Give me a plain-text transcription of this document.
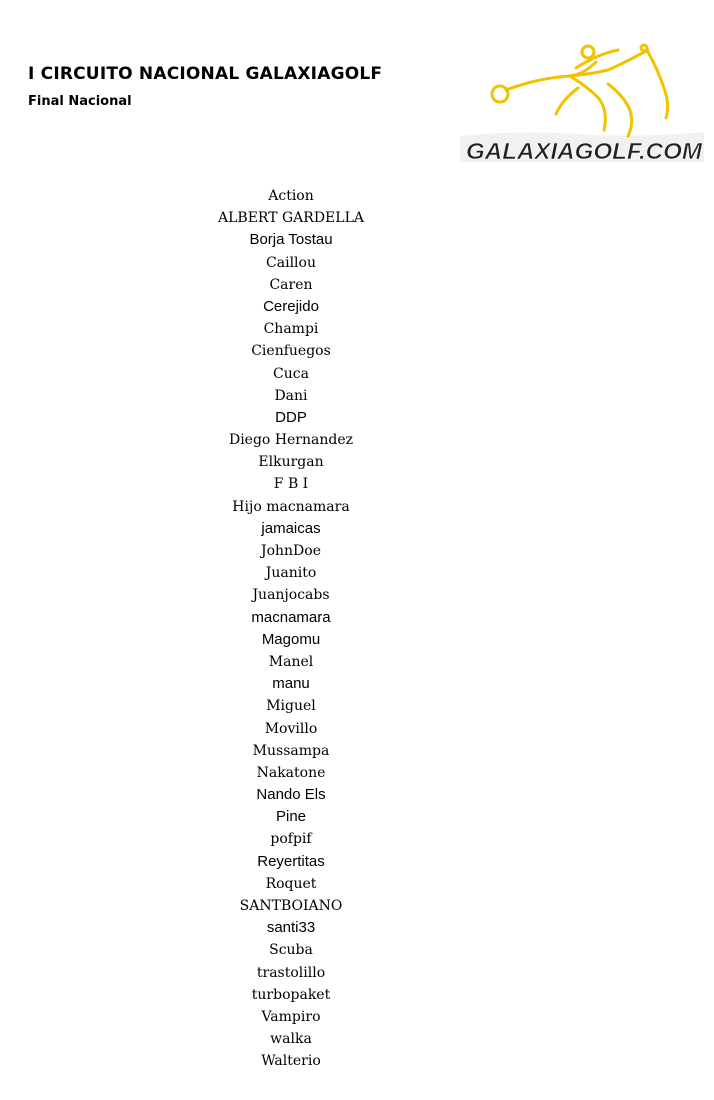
I CIRCUITO NACIONAL GALAXIAGOLF
Final Nacional
GALAXIAGOLF.COM
Action
ALBERT GARDELLA
Borja Tostau
Caillou
Caren
Cerejido
Champi
Cienfuegos
Cuca
Dani
DDP
Diego Hernandez
Elkurgan
F B I
Hijo macnamara
jamaicas
JohnDoe
Juanito
Juanjocabs
macnamara
Magomu
Manel
manu
Miguel
Movillo
Mussampa
Nakatone
Nando Els
Pine
pofpif
Reyertitas
Roquet
SANTBOIANO
santi33
Scuba
trastolillo
turbopaket
Vampiro
walka
Walterio
